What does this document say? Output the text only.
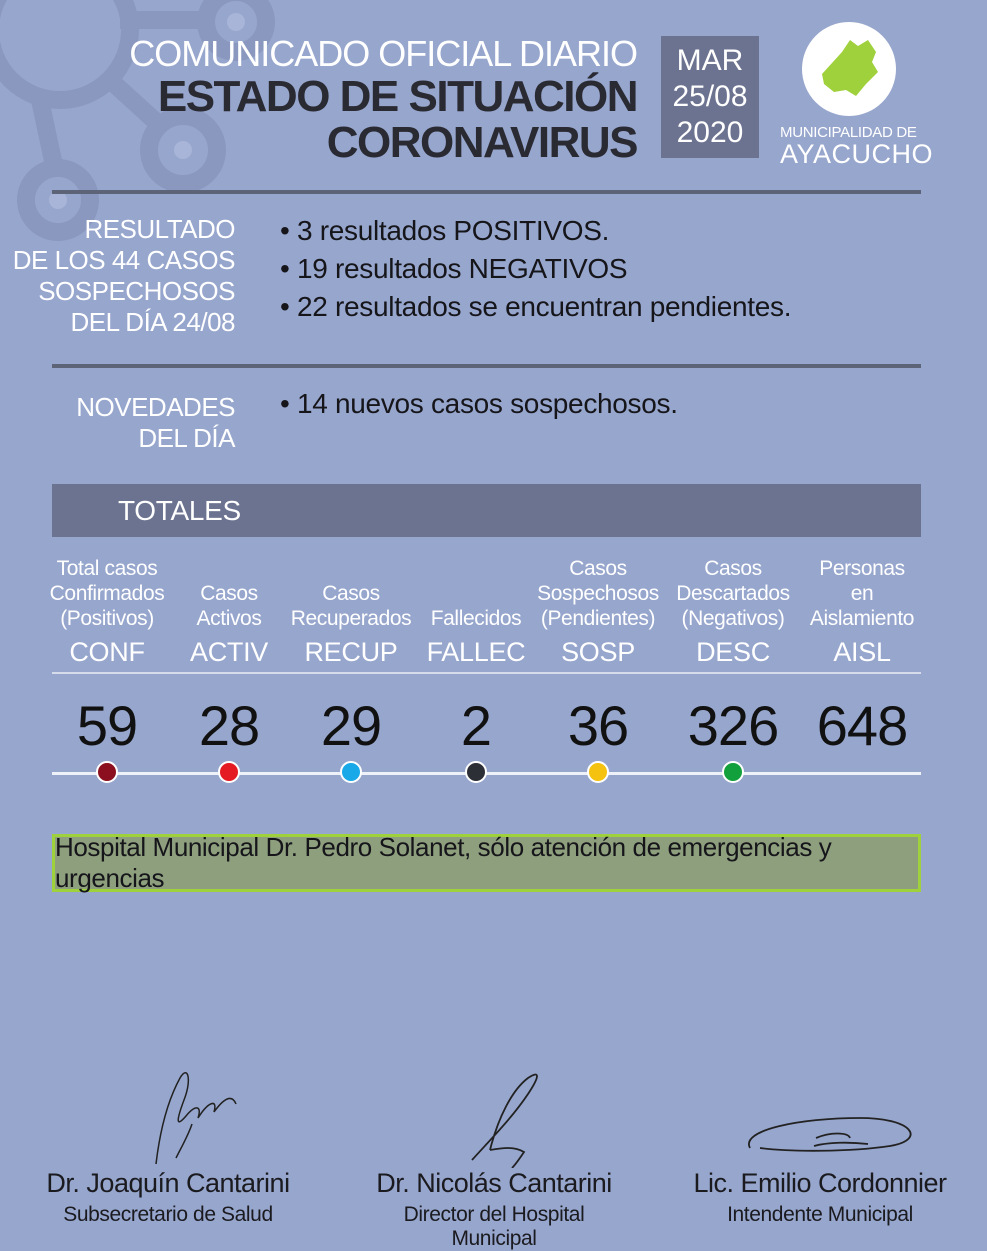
COMUNICADO OFICIAL DIARIO
ESTADO DE SITUACIÓN
CORONAVIRUS
MAR
25/08
2020	MUNICIPALIDAD DE
AYACUCHO
RESULTADO
DE LOS 44 CASOS
SOSPECHOSOS
DEL DÍA 24/08
• 3 resultados POSITIVOS.
• 19 resultados NEGATIVOS
• 22 resultados se encuentran pendientes.
NOVEDADES
DEL DÍA
• 14 nuevos casos sospechosos.
TOTALES
Total casos
Confirmados
(Positivos)
CONF
59
Casos
Activos
ACTIV
28
Casos
Recuperados
RECUP
29
Fallecidos
FALLEC
2
Casos
Sospechosos
(Pendientes)
SOSP
36
Casos
Descartados
(Negativos)
DESC
326
Personas
en
Aislamiento
AISL
648
Hospital Municipal Dr. Pedro Solanet, sólo atención de emergencias y urgencias
Dr. Joaquín Cantarini
Subsecretario de Salud
Dr. Nicolás Cantarini
Director del Hospital Municipal
Lic. Emilio Cordonnier
Intendente Municipal
